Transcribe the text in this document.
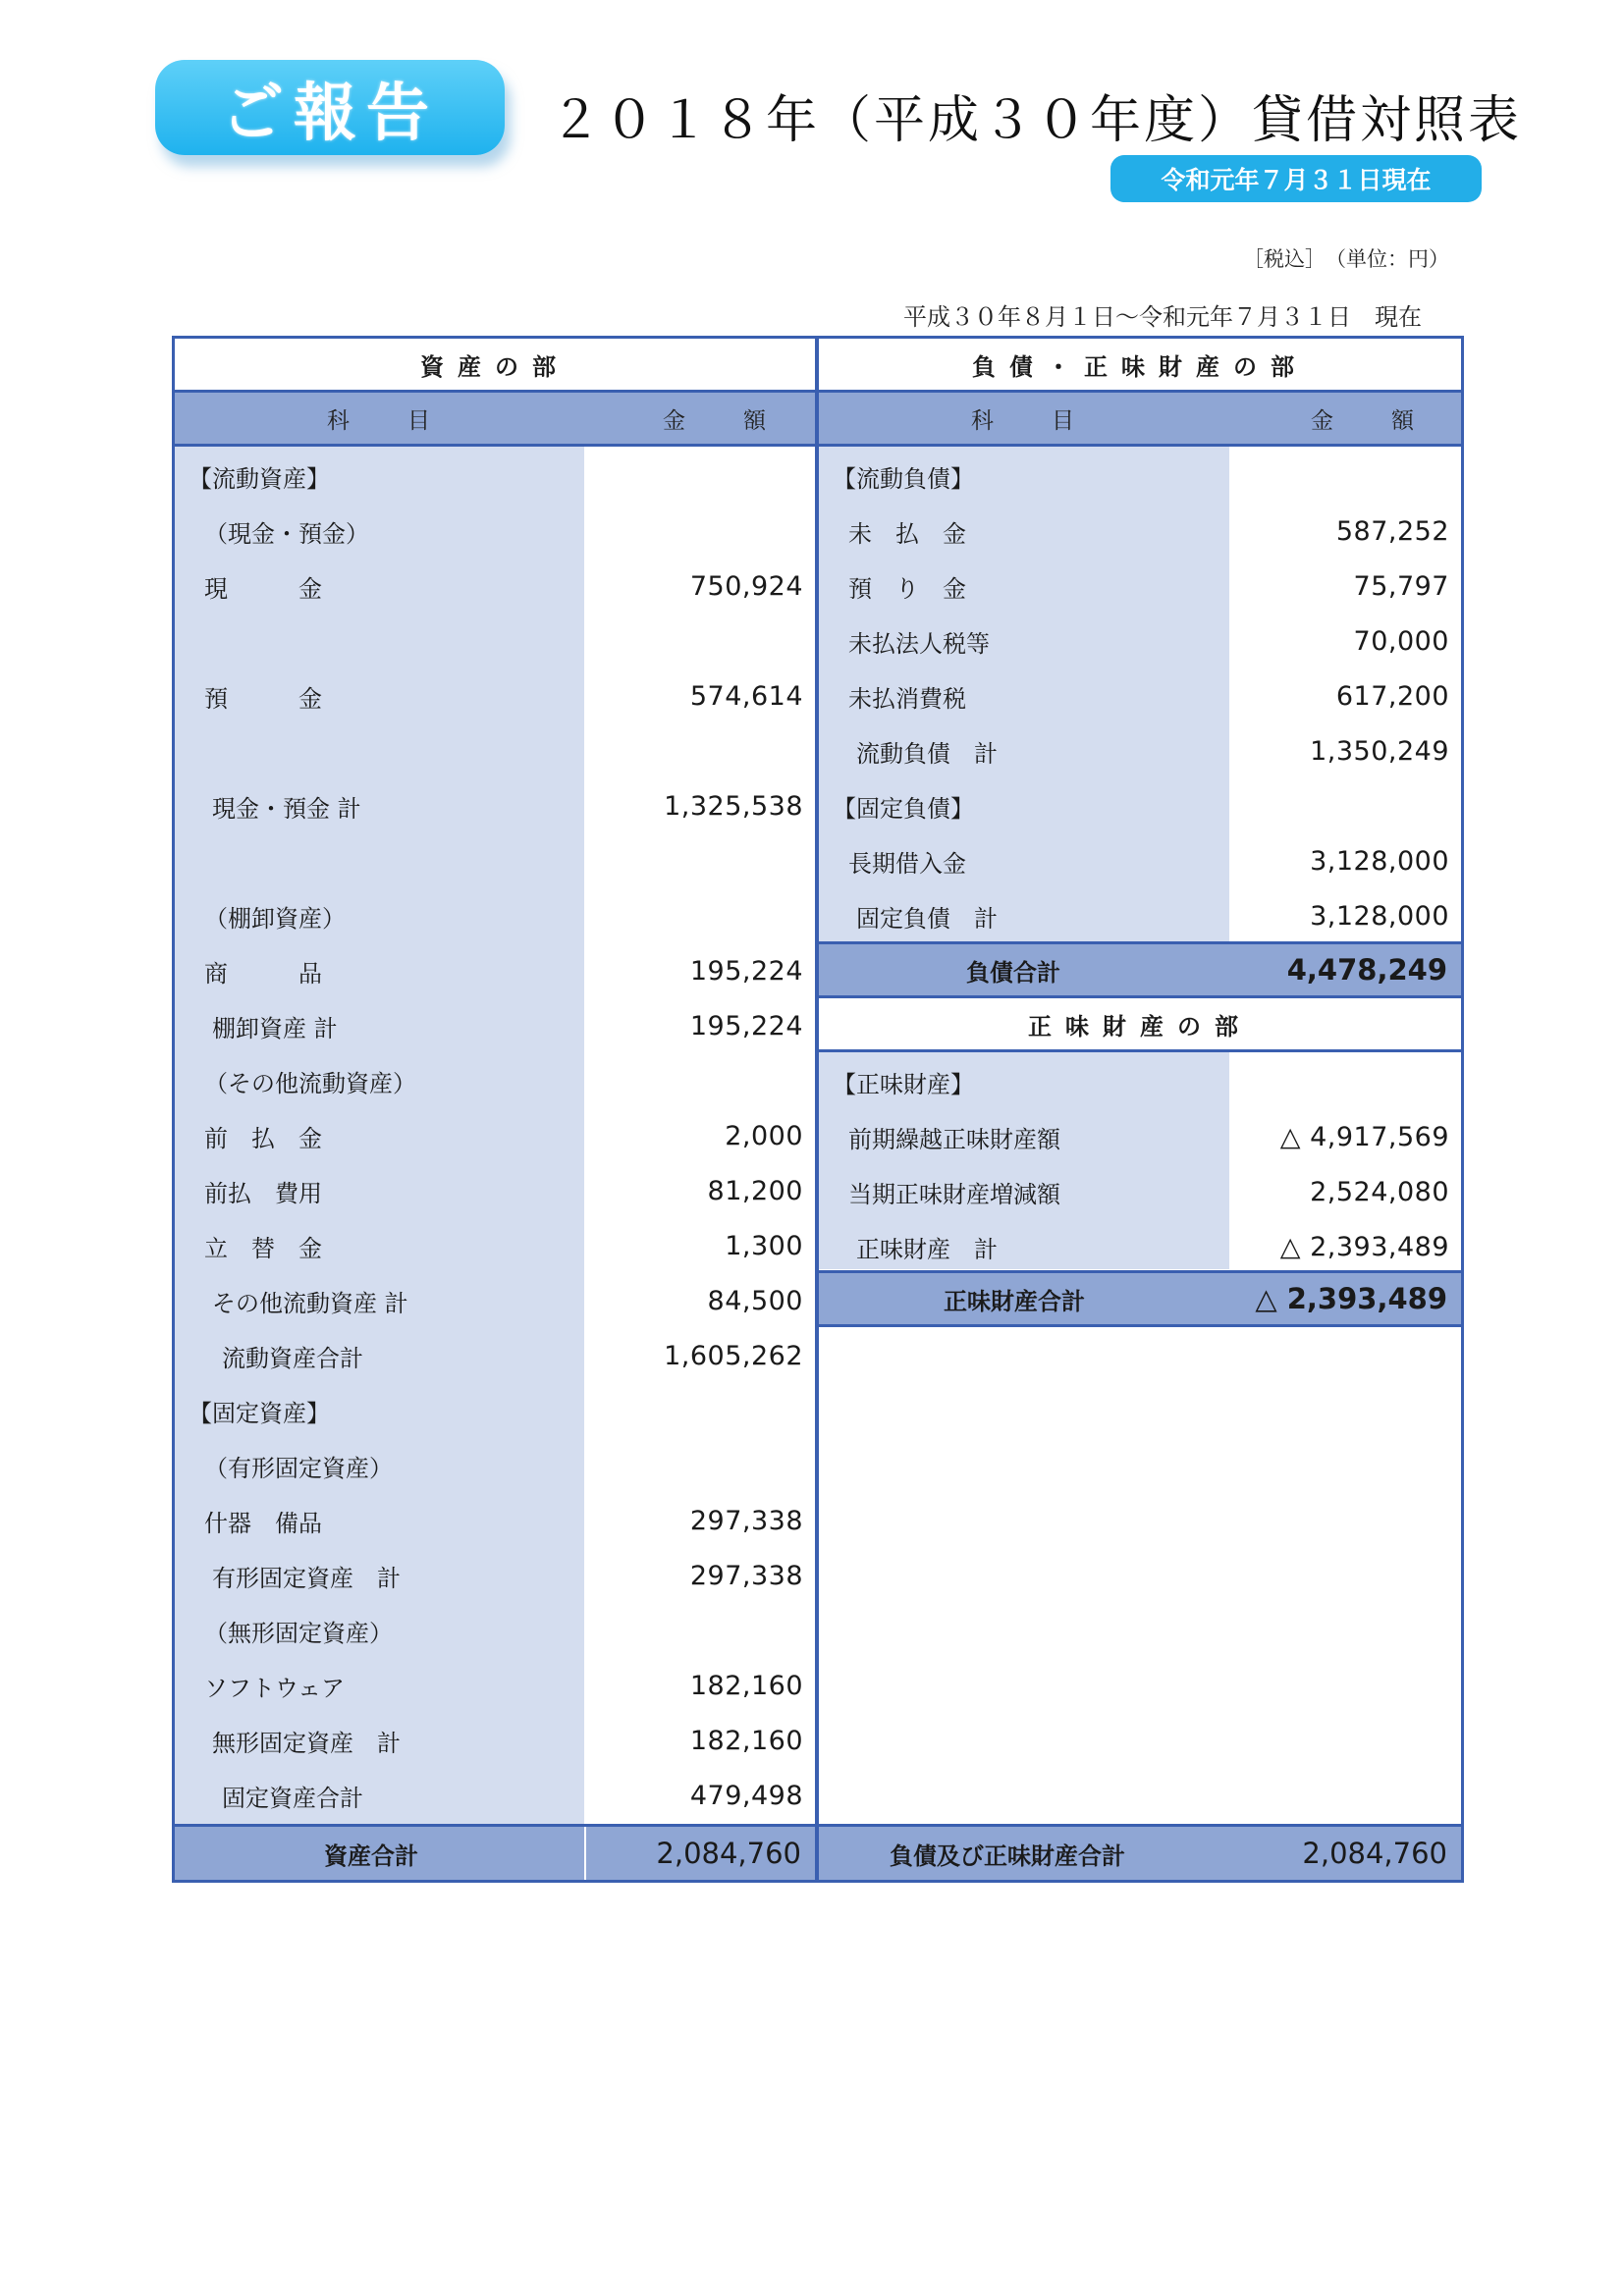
ご報告 ２０１８年（平成３０年度）貸借対照表
令和元年７月３１日現在
［税込］　（単位：円）
平成３０年８月１日～令和元年７月３１日　現在
資産の部
科　目	金　額
【流動資産】
（現金・預金）
現　　　金	750,924
預　　　金	574,614
現金・預金 計	1,325,538
（棚卸資産）
商　　　品	195,224
棚卸資産 計	195,224
（その他流動資産）
前　払　金	2,000
前払　費用	81,200
立　替　金	1,300
その他流動資産 計	84,500
流動資産合計	1,605,262
【固定資産】
（有形固定資産）
什器　備品	297,338
有形固定資産　計	297,338
（無形固定資産）
ソフトウェア	182,160
無形固定資産　計	182,160
固定資産合計	479,498
資産合計	2,084,760
負債・正味財産の部
科　目	金　額
【流動負債】
未　払　金	587,252
預　り　金	75,797
未払法人税等	70,000
未払消費税	617,200
流動負債　計	1,350,249
【固定負債】
長期借入金	3,128,000
固定負債　計	3,128,000
負債合計	4,478,249
正味財産の部
【正味財産】
前期繰越正味財産額	△ 4,917,569
当期正味財産増減額	2,524,080
正味財産　計	△ 2,393,489
正味財産合計	△ 2,393,489
負債及び正味財産合計	2,084,760
